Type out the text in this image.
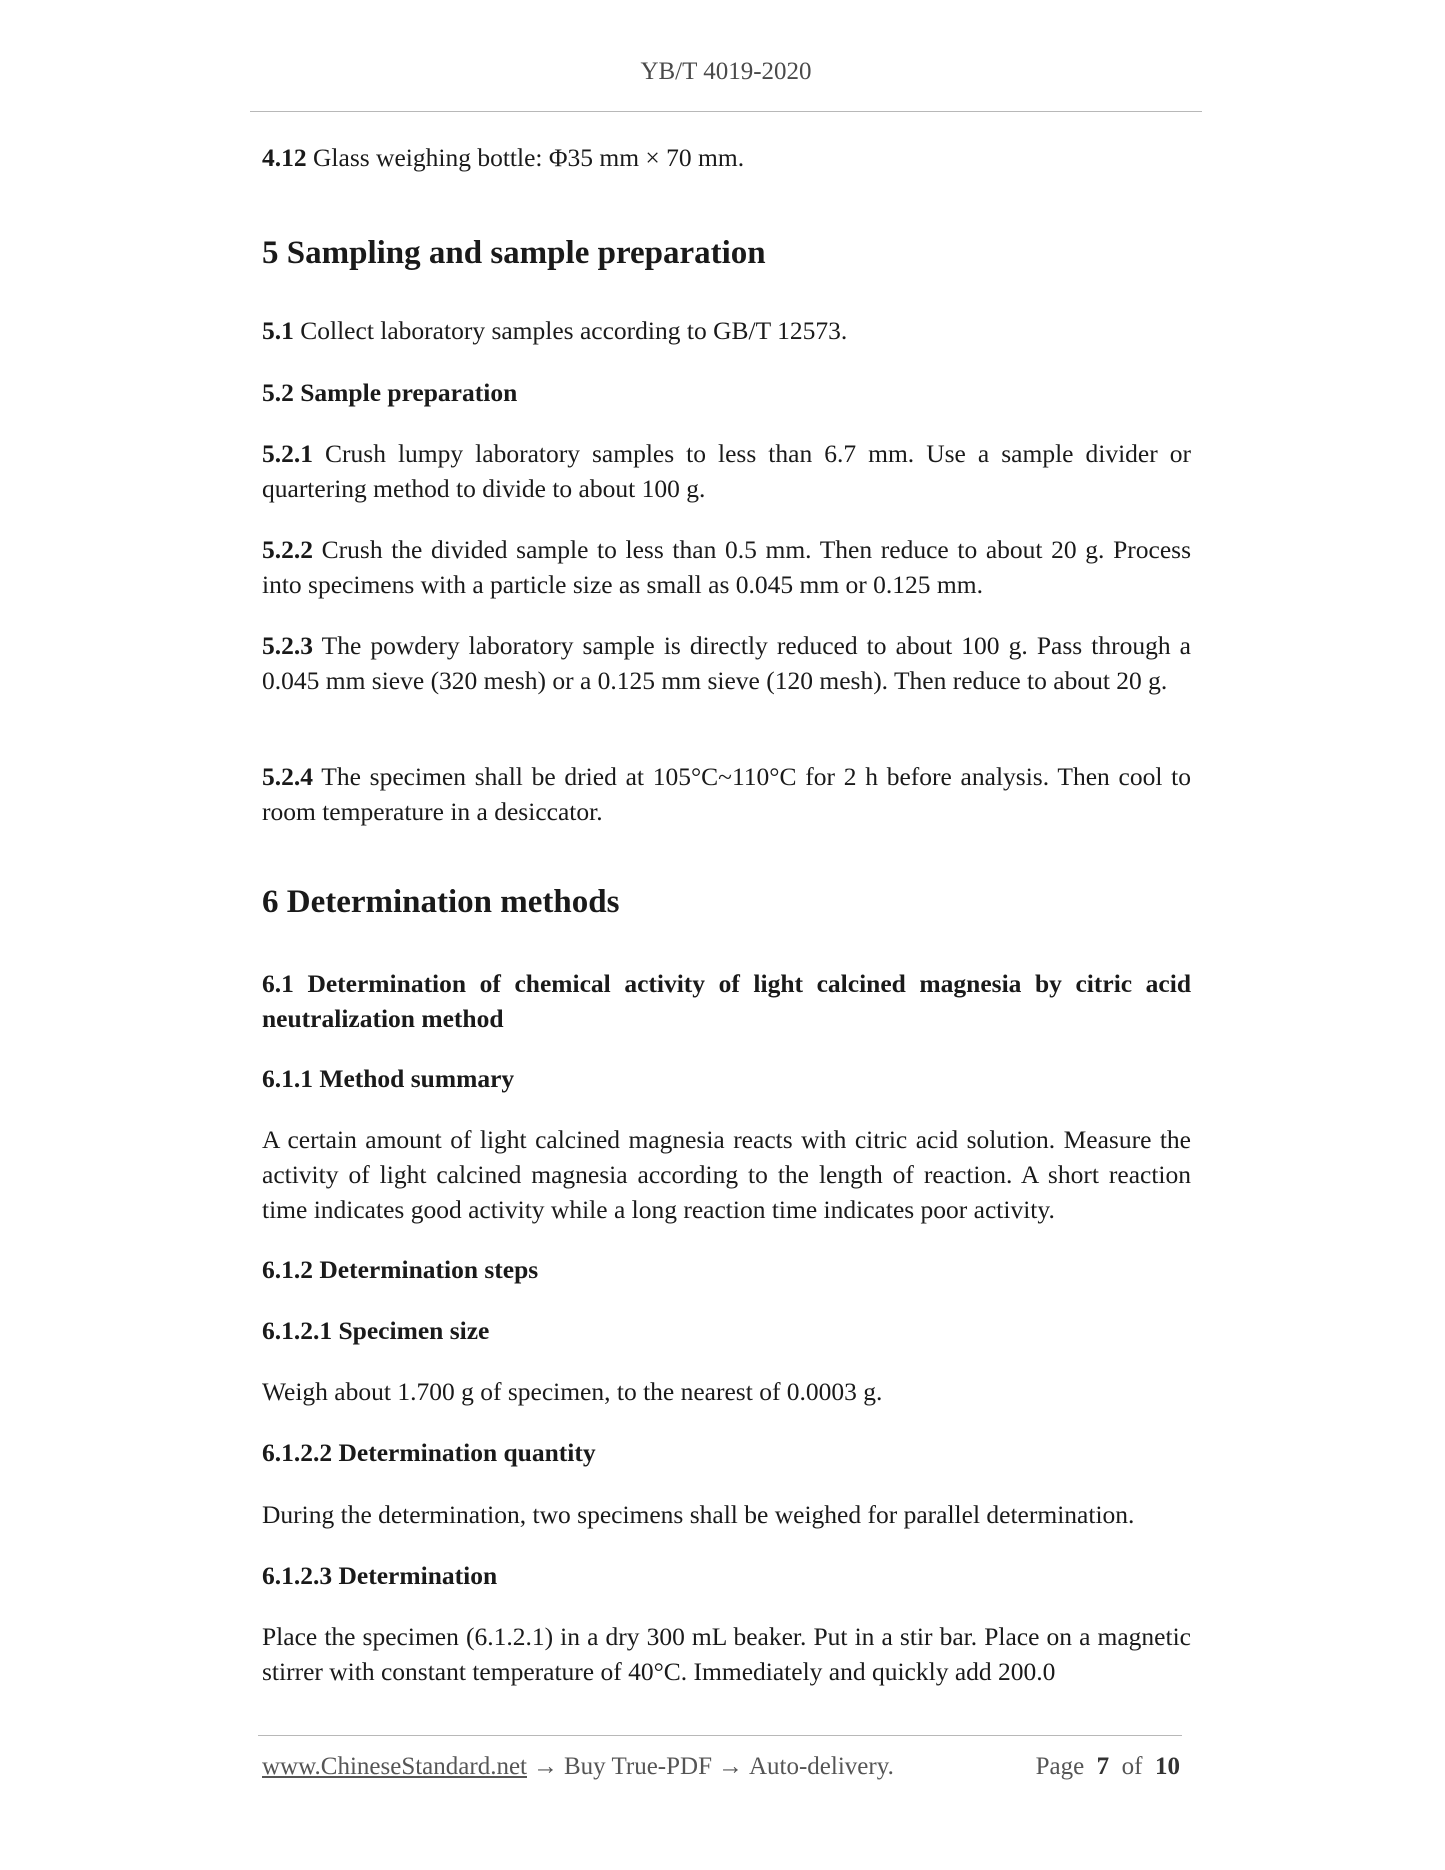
YB/T 4019-2020

4.12 Glass weighing bottle: Φ35 mm × 70 mm.

5 Sampling and sample preparation

5.1 Collect laboratory samples according to GB/T 12573.

5.2 Sample preparation

5.2.1 Crush lumpy laboratory samples to less than 6.7 mm. Use a sample divider or quartering method to divide to about 100 g.

5.2.2 Crush the divided sample to less than 0.5 mm. Then reduce to about 20 g. Process into specimens with a particle size as small as 0.045 mm or 0.125 mm.

5.2.3 The powdery laboratory sample is directly reduced to about 100 g. Pass through a 0.045 mm sieve (320 mesh) or a 0.125 mm sieve (120 mesh). Then reduce to about 20 g.

5.2.4 The specimen shall be dried at 105°C~110°C for 2 h before analysis. Then cool to room temperature in a desiccator.

6 Determination methods
6.1 Determination of chemical activity of light calcined magnesia by citric acid neutralization method
6.1.1 Method summary

A certain amount of light calcined magnesia reacts with citric acid solution. Measure the activity of light calcined magnesia according to the length of reaction. A short reaction time indicates good activity while a long reaction time indicates poor activity.

6.1.2 Determination steps
6.1.2.1 Specimen size

Weigh about 1.700 g of specimen, to the nearest of 0.0003 g.

6.1.2.2 Determination quantity

During the determination, two specimens shall be weighed for parallel determination.

6.1.2.3 Determination

Place the specimen (6.1.2.1) in a dry 300 mL beaker. Put in a stir bar. Place on a magnetic stirrer with constant temperature of 40°C. Immediately and quickly add 200.0

www.ChineseStandard.net → Buy True-PDF → Auto-delivery.	Page 7 of 10
